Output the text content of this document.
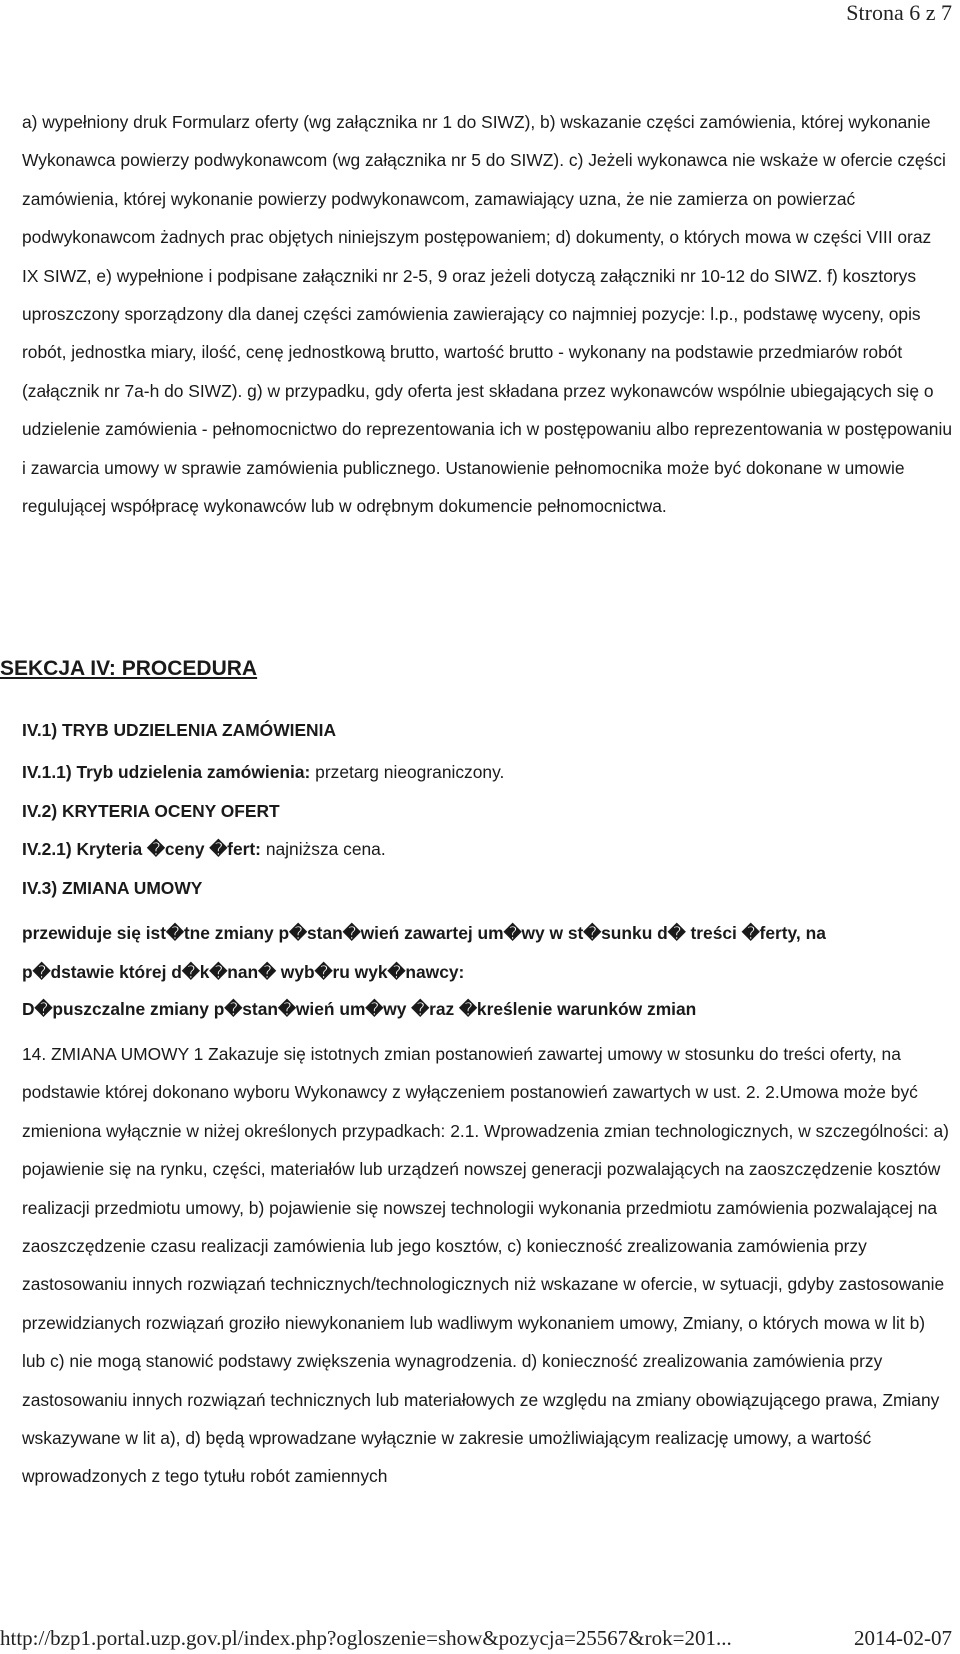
Strona 6 z 7

a) wypełniony druk Formularz oferty (wg załącznika nr 1 do SIWZ), b) wskazanie części zamówienia, której wykonanie Wykonawca powierzy podwykonawcom (wg załącznika nr 5 do SIWZ). c) Jeżeli wykonawca nie wskaże w ofercie części zamówienia, której wykonanie powierzy podwykonawcom, zamawiający uzna, że nie zamierza on powierzać podwykonawcom żadnych prac objętych niniejszym postępowaniem; d) dokumenty, o których mowa w części VIII oraz IX SIWZ, e) wypełnione i podpisane załączniki nr 2-5, 9 oraz jeżeli dotyczą załączniki nr 10-12 do SIWZ. f) kosztorys uproszczony sporządzony dla danej części zamówienia zawierający co najmniej pozycje: l.p., podstawę wyceny, opis robót, jednostka miary, ilość, cenę jednostkową brutto, wartość brutto - wykonany na podstawie przedmiarów robót (załącznik nr 7a-h do SIWZ). g) w przypadku, gdy oferta jest składana przez wykonawców wspólnie ubiegających się o udzielenie zamówienia - pełnomocnictwo do reprezentowania ich w postępowaniu albo reprezentowania w postępowaniu i zawarcia umowy w sprawie zamówienia publicznego. Ustanowienie pełnomocnika może być dokonane w umowie regulującej współpracę wykonawców lub w odrębnym dokumencie pełnomocnictwa.

SEKCJA IV: PROCEDURA
IV.1) TRYB UDZIELENIA ZAMÓWIENIA
IV.1.1) Tryb udzielenia zamówienia: przetarg nieograniczony.
IV.2) KRYTERIA OCENY OFERT
IV.2.1) Kryteria �ceny �fert: najniższa cena.
IV.3) ZMIANA UMOWY
przewiduje się ist�tne zmiany p�stan�wień zawartej um�wy w st�sunku d� treści �ferty, na
p�dstawie której d�k�nan� wyb�ru wyk�nawcy:
D�puszczalne zmiany p�stan�wień um�wy �raz �kreślenie warunków zmian

14. ZMIANA UMOWY 1 Zakazuje się istotnych zmian postanowień zawartej umowy w stosunku do treści oferty, na podstawie której dokonano wyboru Wykonawcy z wyłączeniem postanowień zawartych w ust. 2. 2.Umowa może być zmieniona wyłącznie w niżej określonych przypadkach: 2.1. Wprowadzenia zmian technologicznych, w szczególności: a) pojawienie się na rynku, części, materiałów lub urządzeń nowszej generacji pozwalających na zaoszczędzenie kosztów realizacji przedmiotu umowy, b) pojawienie się nowszej technologii wykonania przedmiotu zamówienia pozwalającej na zaoszczędzenie czasu realizacji zamówienia lub jego kosztów, c) konieczność zrealizowania zamówienia przy zastosowaniu innych rozwiązań technicznych/technologicznych niż wskazane w ofercie, w sytuacji, gdyby zastosowanie przewidzianych rozwiązań groziło niewykonaniem lub wadliwym wykonaniem umowy, Zmiany, o których mowa w lit b) lub c) nie mogą stanowić podstawy zwiększenia wynagrodzenia. d) konieczność zrealizowania zamówienia przy zastosowaniu innych rozwiązań technicznych lub materiałowych ze względu na zmiany obowiązującego prawa, Zmiany wskazywane w lit a), d) będą wprowadzane wyłącznie w zakresie umożliwiającym realizację umowy, a wartość wprowadzonych z tego tytułu robót zamiennych

http://bzp1.portal.uzp.gov.pl/index.php?ogloszenie=show&pozycja=25567&rok=201...	2014-02-07
